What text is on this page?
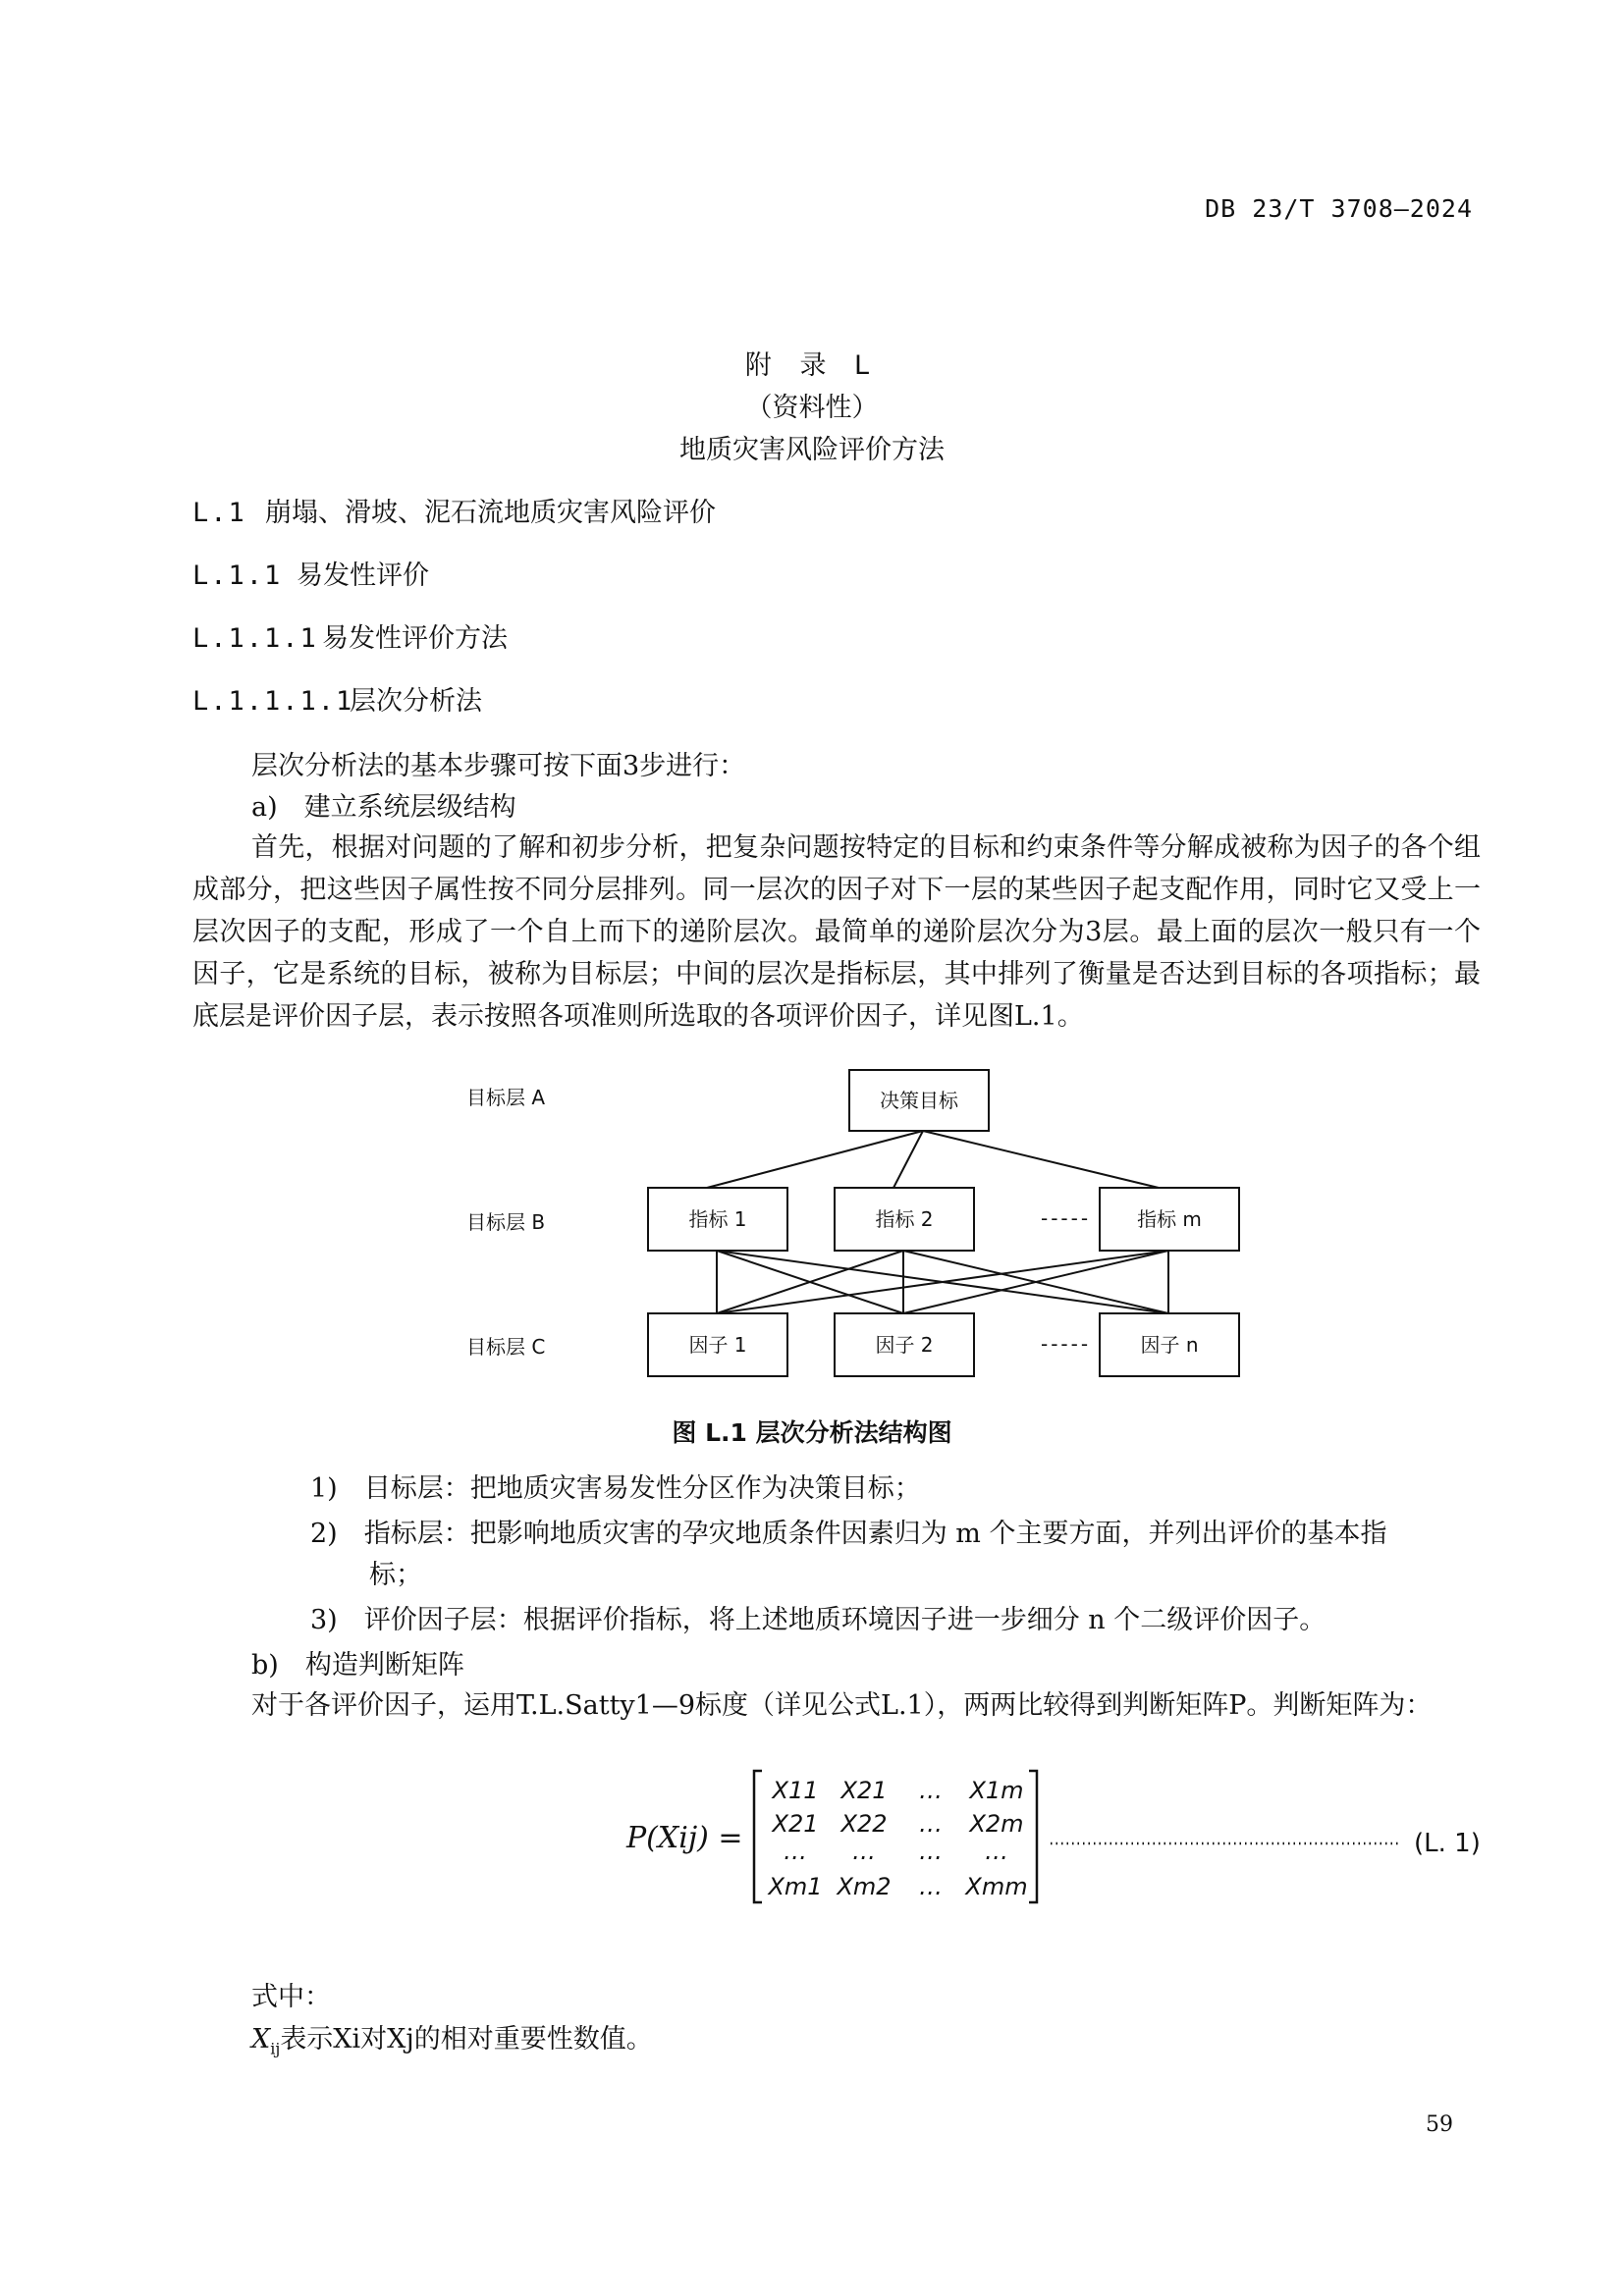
DB 23/T 3708—2024
附 录 L
（资料性）
地质灾害风险评价方法
L.1 崩塌、滑坡、泥石流地质灾害风险评价
L.1.1 易发性评价
L.1.1.1 易发性评价方法
L.1.1.1.1层次分析法
层次分析法的基本步骤可按下面3步进行：
a)　建立系统层级结构
首先，根据对问题的了解和初步分析，把复杂问题按特定的目标和约束条件等分解成被称为因子的各个组成部分，把这些因子属性按不同分层排列。同一层次的因子对下一层的某些因子起支配作用，同时它又受上一层次因子的支配，形成了一个自上而下的递阶层次。最简单的递阶层次分为3层。最上面的层次一般只有一个因子，它是系统的目标，被称为目标层；中间的层次是指标层，其中排列了衡量是否达到目标的各项指标；最底层是评价因子层，表示按照各项准则所选取的各项评价因子，详见图L.1。
目标层 A
目标层 B
目标层 C
决策目标
指标 1	指标 2	----- 指标 m
因子 1	因子 2	-----	因子 n
图 L.1 层次分析法结构图
1)　目标层：把地质灾害易发性分区作为决策目标；
2)　指标层：把影响地质灾害的孕灾地质条件因素归为 m 个主要方面，并列出评价的基本指
标；
3)　评价因子层：根据评价指标，将上述地质环境因子进一步细分 n 个二级评价因子。
b)　构造判断矩阵
对于各评价因子，运用T.L.Satty1—9标度（详见公式L.1），两两比较得到判断矩阵P。判断矩阵为：
P(Xij) =
X11 X21 … X1m
X21 X22 … X2m
… … … …
Xm1 Xm2 … Xmm
(L. 1)
式中：
$X_{ij}$表示Xi对Xj的相对重要性数值。
59
